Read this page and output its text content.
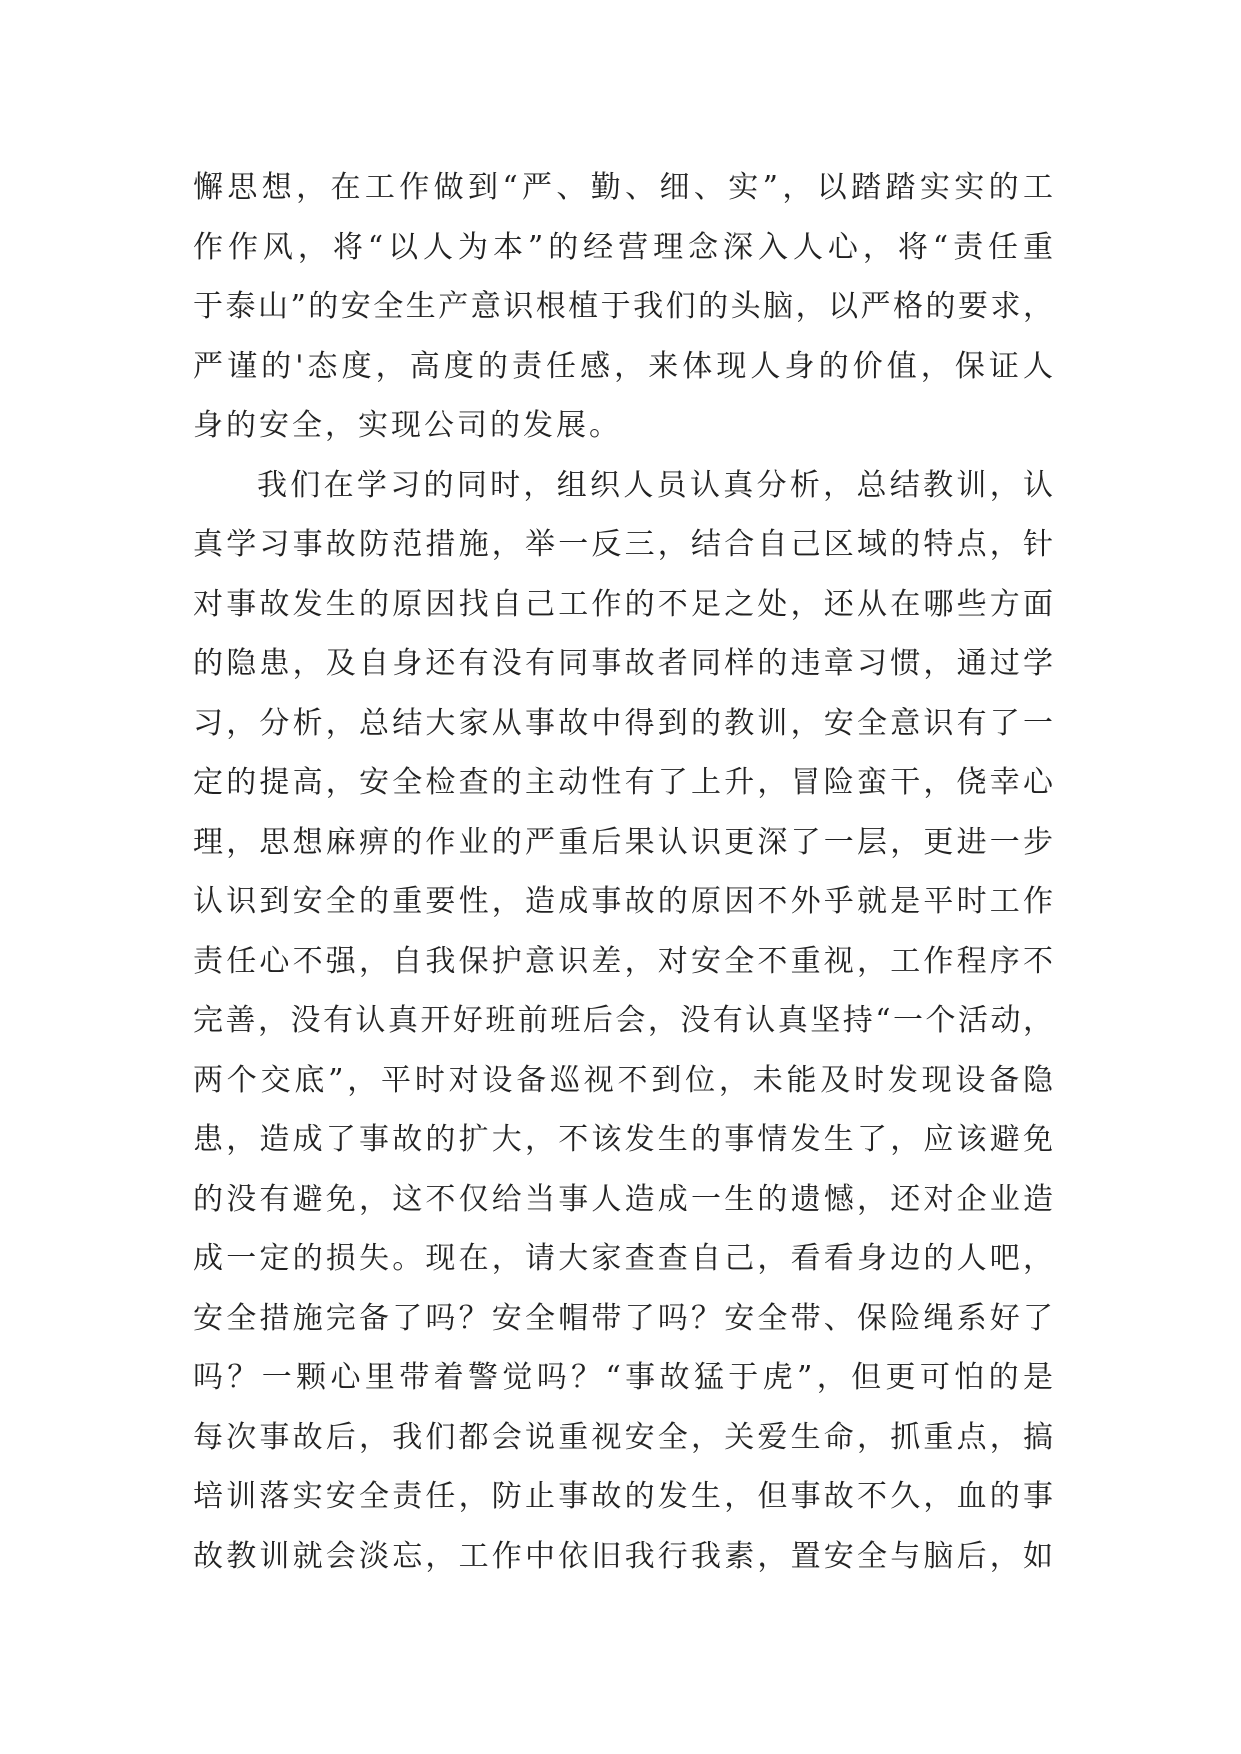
懈思想，在工作做到“严、勤、细、实”，以踏踏实实的工
作作风，将“以人为本”的经营理念深入人心，将“责任重
于泰山”的安全生产意识根植于我们的头脑，以严格的要求，
严谨的'态度，高度的责任感，来体现人身的价值，保证人
身的安全，实现公司的发展。
我们在学习的同时，组织人员认真分析，总结教训，认
真学习事故防范措施，举一反三，结合自己区域的特点，针
对事故发生的原因找自己工作的不足之处，还从在哪些方面
的隐患，及自身还有没有同事故者同样的违章习惯，通过学
习，分析，总结大家从事故中得到的教训，安全意识有了一
定的提高，安全检查的主动性有了上升，冒险蛮干，侥幸心
理，思想麻痹的作业的严重后果认识更深了一层，更进一步
认识到安全的重要性，造成事故的原因不外乎就是平时工作
责任心不强，自我保护意识差，对安全不重视，工作程序不
完善，没有认真开好班前班后会，没有认真坚持“一个活动，
两个交底”，平时对设备巡视不到位，未能及时发现设备隐
患，造成了事故的扩大，不该发生的事情发生了，应该避免
的没有避免，这不仅给当事人造成一生的遗憾，还对企业造
成一定的损失。现在，请大家查查自己，看看身边的人吧，
安全措施完备了吗？安全帽带了吗？安全带、保险绳系好了
吗？一颗心里带着警觉吗？“事故猛于虎”，但更可怕的是
每次事故后，我们都会说重视安全，关爱生命，抓重点，搞
培训落实安全责任，防止事故的发生，但事故不久，血的事
故教训就会淡忘，工作中依旧我行我素，置安全与脑后，如
